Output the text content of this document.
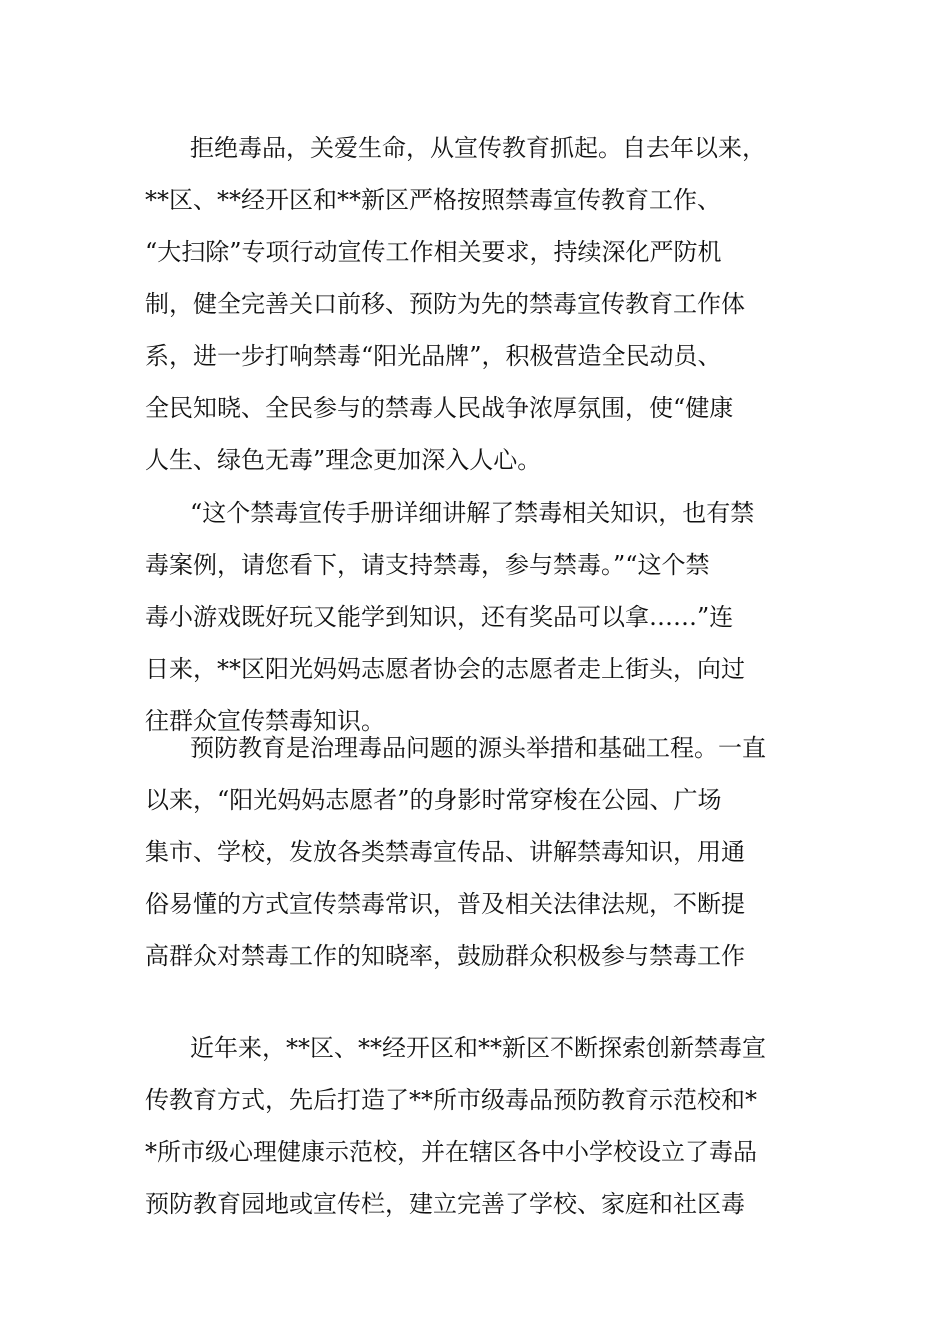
拒绝毒品，关爱生命，从宣传教育抓起。自去年以来，
**区、**经开区和**新区严格按照禁毒宣传教育工作、
“大扫除”专项行动宣传工作相关要求，持续深化严防机
制，健全完善关口前移、预防为先的禁毒宣传教育工作体
系，进一步打响禁毒“阳光品牌”，积极营造全民动员、
全民知晓、全民参与的禁毒人民战争浓厚氛围，使“健康
人生、绿色无毒”理念更加深入人心。
“这个禁毒宣传手册详细讲解了禁毒相关知识，也有禁
毒案例，请您看下，请支持禁毒，参与禁毒。”“这个禁
毒小游戏既好玩又能学到知识，还有奖品可以拿……”连
日来，**区阳光妈妈志愿者协会的志愿者走上街头，向过
往群众宣传禁毒知识。
预防教育是治理毒品问题的源头举措和基础工程。一直
以来，“阳光妈妈志愿者”的身影时常穿梭在公园、广场
集市、学校，发放各类禁毒宣传品、讲解禁毒知识，用通
俗易懂的方式宣传禁毒常识，普及相关法律法规，不断提
高群众对禁毒工作的知晓率，鼓励群众积极参与禁毒工作
近年来，**区、**经开区和**新区不断探索创新禁毒宣
传教育方式，先后打造了**所市级毒品预防教育示范校和*
*所市级心理健康示范校，并在辖区各中小学校设立了毒品
预防教育园地或宣传栏，建立完善了学校、家庭和社区毒
